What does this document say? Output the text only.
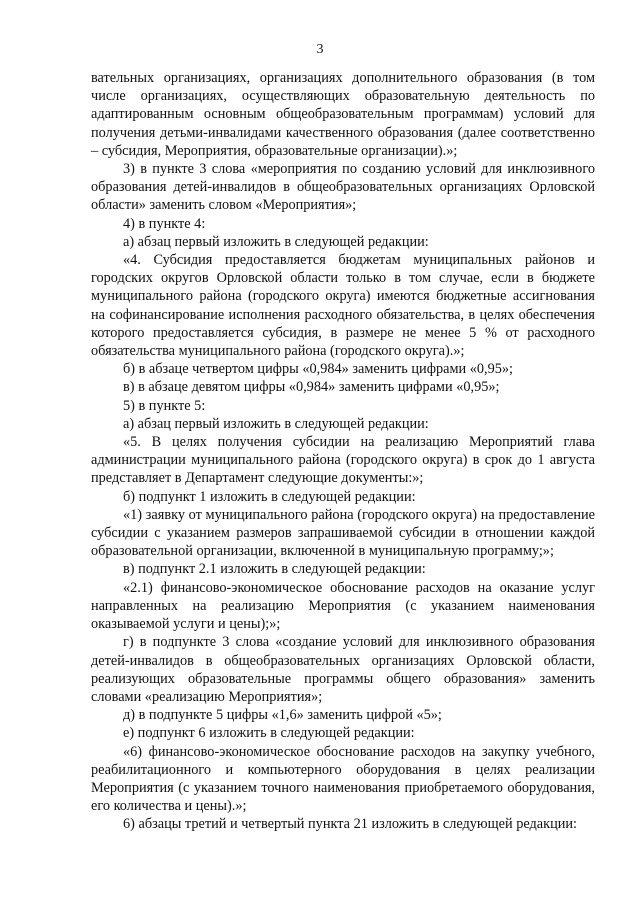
3

вательных организациях, организациях дополнительного образования (в том числе организациях, осуществляющих образовательную деятельность по адаптированным основным общеобразовательным программам) условий для получения детьми-инвалидами качественного образования (далее соответственно – субсидия, Мероприятия, образовательные организации).»;

3) в пункте 3 слова «мероприятия по созданию условий для инклюзивного образования детей-инвалидов в общеобразовательных организациях Орловской области» заменить словом «Мероприятия»;

4) в пункте 4:

а) абзац первый изложить в следующей редакции:

«4. Субсидия предоставляется бюджетам муниципальных районов и городских округов Орловской области только в том случае, если в бюджете муниципального района (городского округа) имеются бюджетные ассигнования на софинансирование исполнения расходного обязательства, в целях обеспечения которого предоставляется субсидия, в размере не менее 5 % от расходного обязательства муниципального района (городского округа).»;

б) в абзаце четвертом цифры «0,984» заменить цифрами «0,95»;

в) в абзаце девятом цифры «0,984» заменить цифрами «0,95»;

5) в пункте 5:

а) абзац первый изложить в следующей редакции:

«5. В целях получения субсидии на реализацию Мероприятий глава администрации муниципального района (городского округа) в срок до 1 августа представляет в Департамент следующие документы:»;

б) подпункт 1 изложить в следующей редакции:

«1) заявку от муниципального района (городского округа) на предоставление субсидии с указанием размеров запрашиваемой субсидии в отношении каждой образовательной организации, включенной в муниципальную программу;»;

в) подпункт 2.1 изложить в следующей редакции:

«2.1) финансово-экономическое обоснование расходов на оказание услуг направленных на реализацию Мероприятия (с указанием наименования оказываемой услуги и цены);»;

г) в подпункте 3 слова «создание условий для инклюзивного образования детей-инвалидов в общеобразовательных организациях Орловской области, реализующих образовательные программы общего образования» заменить словами «реализацию Мероприятия»;

д) в подпункте 5 цифры «1,6» заменить цифрой «5»;

е) подпункт 6 изложить в следующей редакции:

«6) финансово-экономическое обоснование расходов на закупку учебного, реабилитационного и компьютерного оборудования в целях реализации Мероприятия (с указанием точного наименования приобретаемого оборудования, его количества и цены).»;

6) абзацы третий и четвертый пункта 21 изложить в следующей редакции:
